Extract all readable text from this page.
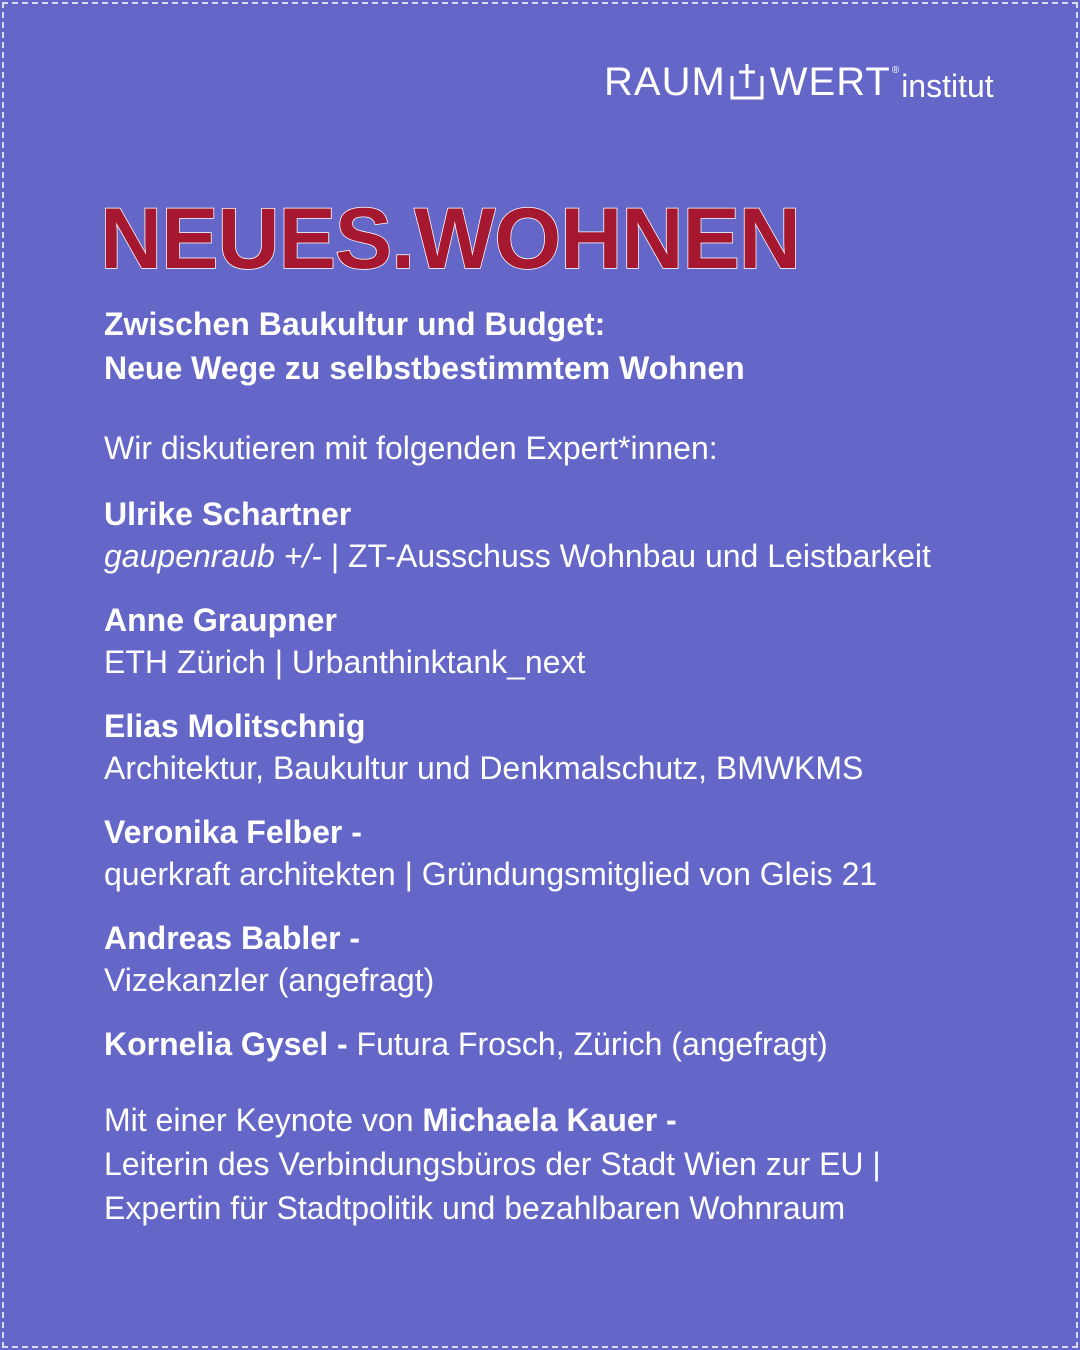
RAUM WERT ® institut
NEUES.WOHNEN
Zwischen Baukultur und Budget:
Neue Wege zu selbstbestimmtem Wohnen

Wir diskutieren mit folgenden Expert*innen:

Ulrike Schartner
gaupenraub +/- | ZT-Ausschuss Wohnbau und Leistbarkeit
Anne Graupner
ETH Zürich | Urbanthinktank_next
Elias Molitschnig
Architektur, Baukultur und Denkmalschutz, BMWKMS
Veronika Felber -
querkraft architekten | Gründungsmitglied von Gleis 21
Andreas Babler -
Vizekanzler (angefragt)
Kornelia Gysel - Futura Frosch, Zürich (angefragt)
Mit einer Keynote von Michaela Kauer -
Leiterin des Verbindungsbüros der Stadt Wien zur EU |
Expertin für Stadtpolitik und bezahlbaren Wohnraum
